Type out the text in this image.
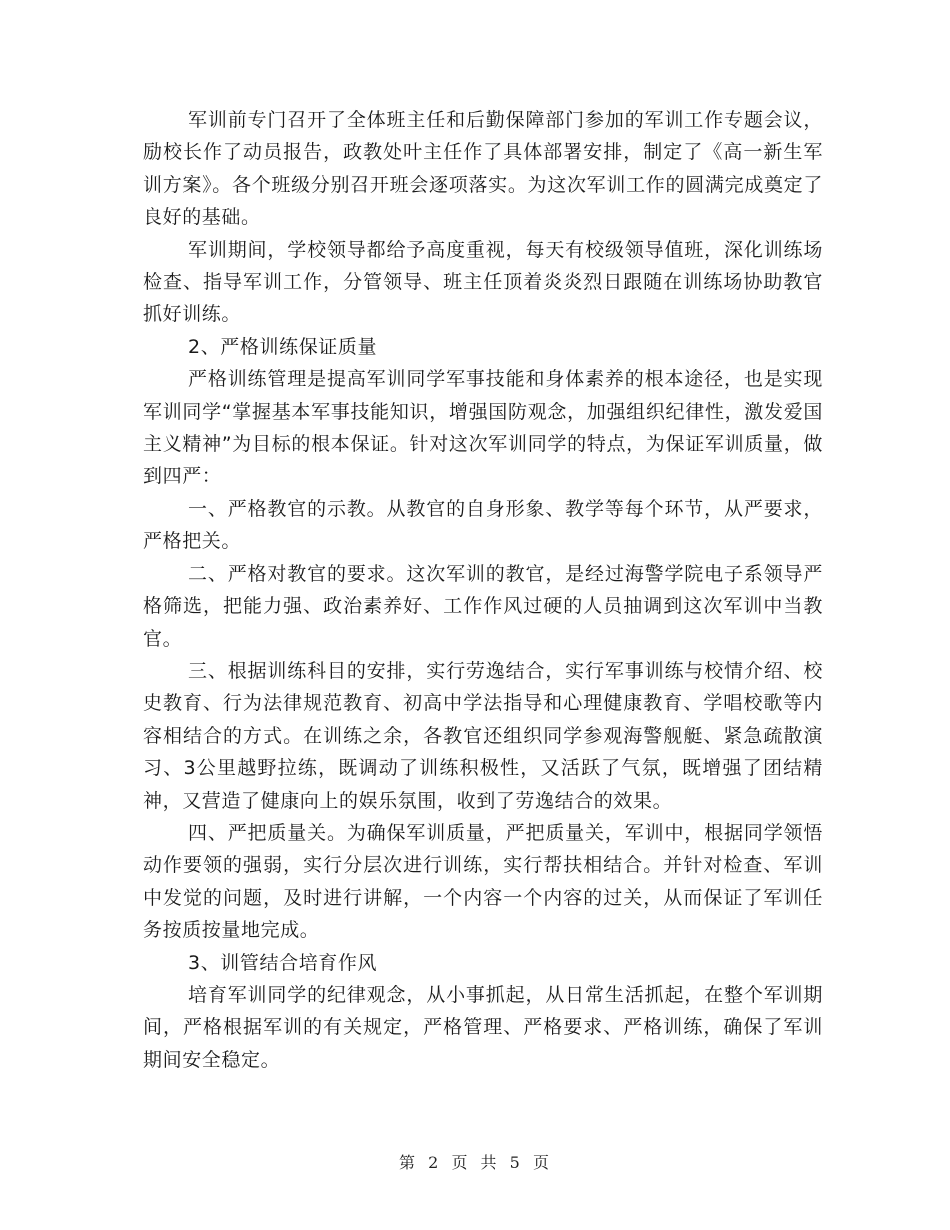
军训前专门召开了全体班主任和后勤保障部门参加的军训工作专题会议，励校长作了动员报告，政教处叶主任作了具体部署安排，制定了《高一新生军训方案》。各个班级分别召开班会逐项落实。为这次军训工作的圆满完成奠定了良好的基础。

军训期间，学校领导都给予高度重视，每天有校级领导值班，深化训练场检查、指导军训工作，分管领导、班主任顶着炎炎烈日跟随在训练场协助教官抓好训练。

2、严格训练保证质量

严格训练管理是提高军训同学军事技能和身体素养的根本途径，也是实现军训同学“掌握基本军事技能知识，增强国防观念，加强组织纪律性，激发爱国主义精神”为目标的根本保证。针对这次军训同学的特点，为保证军训质量，做到四严：

一、严格教官的示教。从教官的自身形象、教学等每个环节，从严要求，严格把关。

二、严格对教官的要求。这次军训的教官，是经过海警学院电子系领导严格筛选，把能力强、政治素养好、工作作风过硬的人员抽调到这次军训中当教官。

三、根据训练科目的安排，实行劳逸结合，实行军事训练与校情介绍、校史教育、行为法律规范教育、初高中学法指导和心理健康教育、学唱校歌等内容相结合的方式。在训练之余，各教官还组织同学参观海警舰艇、紧急疏散演习、3公里越野拉练，既调动了训练积极性，又活跃了气氛，既增强了团结精神，又营造了健康向上的娱乐氛围，收到了劳逸结合的效果。

四、严把质量关。为确保军训质量，严把质量关，军训中，根据同学领悟动作要领的强弱，实行分层次进行训练，实行帮扶相结合。并针对检查、军训中发觉的问题，及时进行讲解，一个内容一个内容的过关，从而保证了军训任务按质按量地完成。

3、训管结合培育作风

培育军训同学的纪律观念，从小事抓起，从日常生活抓起，在整个军训期间，严格根据军训的有关规定，严格管理、严格要求、严格训练，确保了军训期间安全稳定。

第 2 页 共 5 页
